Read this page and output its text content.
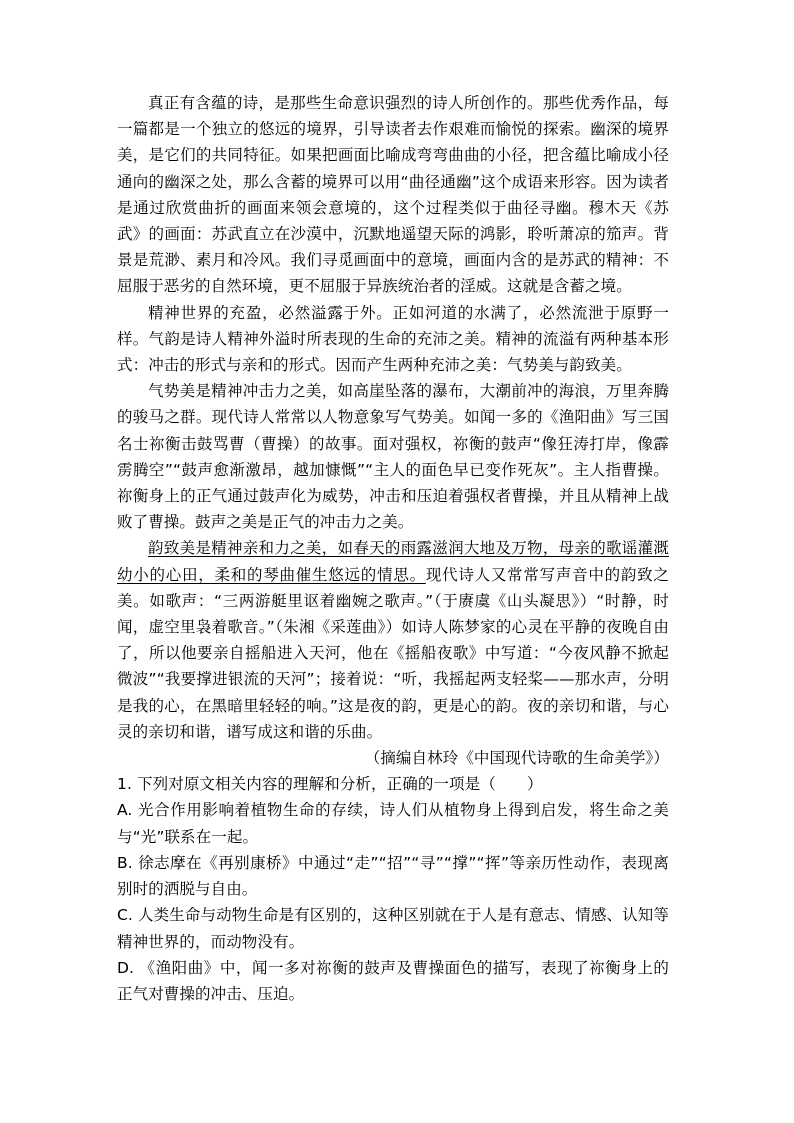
真正有含蕴的诗，是那些生命意识强烈的诗人所创作的。那些优秀作品，每一篇都是一个独立的悠远的境界，引导读者去作艰难而愉悦的探索。幽深的境界美，是它们的共同特征。如果把画面比喻成弯弯曲曲的小径，把含蕴比喻成小径通向的幽深之处，那么含蓄的境界可以用“曲径通幽”这个成语来形容。因为读者是通过欣赏曲折的画面来领会意境的，这个过程类似于曲径寻幽。穆木天《苏武》的画面：苏武直立在沙漠中，沉默地遥望天际的鸿影，聆听萧凉的笳声。背景是荒渺、素月和冷风。我们寻觅画面中的意境，画面内含的是苏武的精神：不屈服于恶劣的自然环境，更不屈服于异族统治者的淫威。这就是含蓄之境。

精神世界的充盈，必然溢露于外。正如河道的水满了，必然流泄于原野一样。气韵是诗人精神外溢时所表现的生命的充沛之美。精神的流溢有两种基本形式：冲击的形式与亲和的形式。因而产生两种充沛之美：气势美与韵致美。

气势美是精神冲击力之美，如高崖坠落的瀑布，大潮前冲的海浪，万里奔腾的骏马之群。现代诗人常常以人物意象写气势美。如闻一多的《渔阳曲》写三国名士祢衡击鼓骂曹（曹操）的故事。面对强权，祢衡的鼓声“像狂涛打岸，像霹雳腾空”“鼓声愈渐激昂，越加慷慨”“主人的面色早已变作死灰”。主人指曹操。祢衡身上的正气通过鼓声化为威势，冲击和压迫着强权者曹操，并且从精神上战败了曹操。鼓声之美是正气的冲击力之美。

韵致美是精神亲和力之美，如春天的雨露滋润大地及万物，母亲的歌谣灌溉幼小的心田，柔和的琴曲催生悠远的情思。现代诗人又常常写声音中的韵致之美。如歌声：“三两游艇里讴着幽婉之歌声。”（于赓虞《山头凝思》）“时静，时闻，虚空里袅着歌音。”（朱湘《采莲曲》）如诗人陈梦家的心灵在平静的夜晚自由了，所以他要亲自摇船进入天河，他在《摇船夜歌》中写道：“今夜风静不掀起微波”“我要撑进银流的天河”；接着说：“听，我摇起两支轻桨——那水声，分明是我的心，在黑暗里轻轻的响。”这是夜的韵，更是心的韵。夜的亲切和谐，与心灵的亲切和谐，谱写成这和谐的乐曲。

（摘编自林玲《中国现代诗歌的生命美学》）

1. 下列对原文相关内容的理解和分析，正确的一项是（　　）

A. 光合作用影响着植物生命的存续，诗人们从植物身上得到启发，将生命之美与“光”联系在一起。

B. 徐志摩在《再别康桥》中通过“走”“招”“寻”“撑”“挥”等亲历性动作，表现离别时的洒脱与自由。

C. 人类生命与动物生命是有区别的，这种区别就在于人是有意志、情感、认知等精神世界的，而动物没有。

D. 《渔阳曲》中，闻一多对祢衡的鼓声及曹操面色的描写，表现了祢衡身上的正气对曹操的冲击、压迫。
